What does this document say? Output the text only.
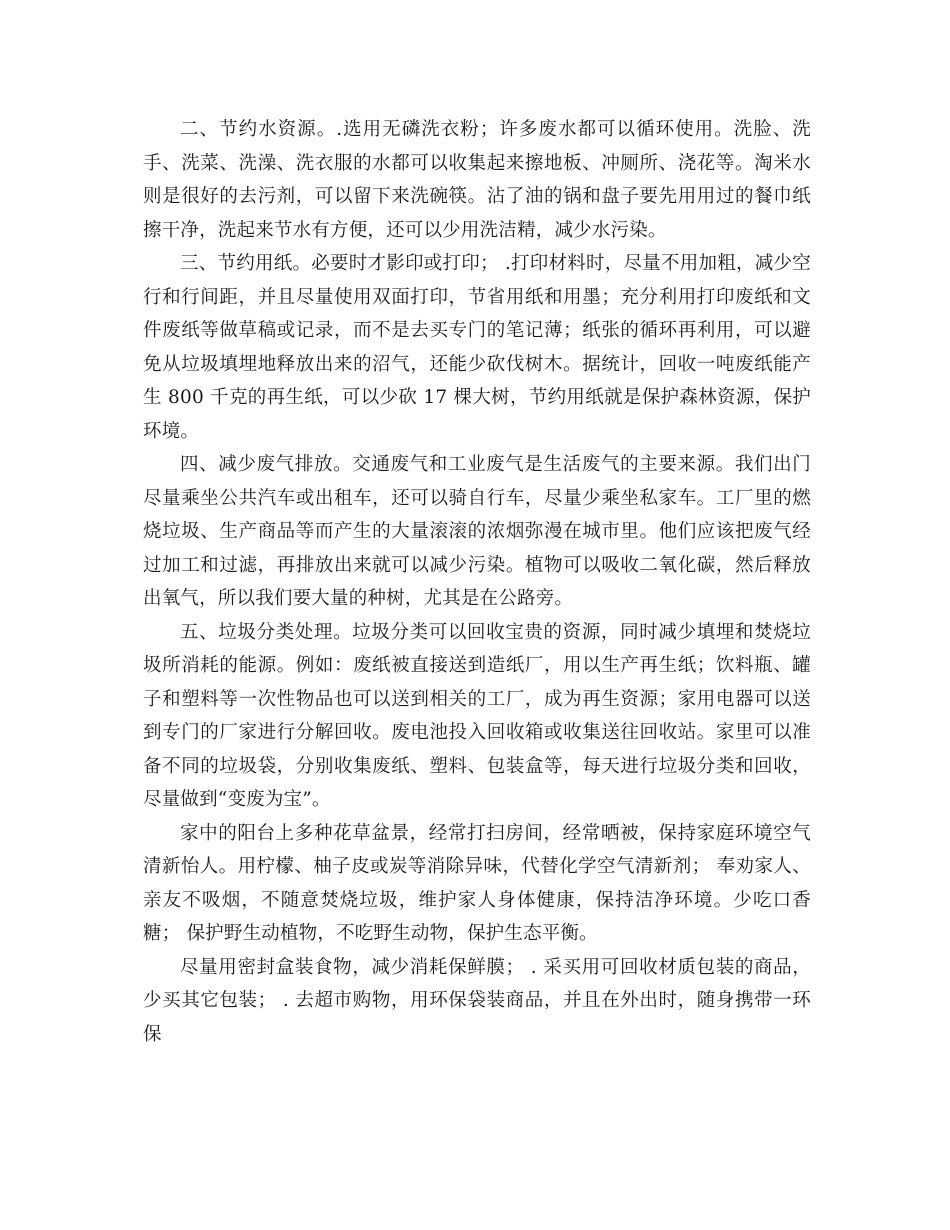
二、节约水资源。.选用无磷洗衣粉；许多废水都可以循环使用。洗脸、洗手、洗菜、洗澡、洗衣服的水都可以收集起来擦地板、冲厕所、浇花等。淘米水则是很好的去污剂，可以留下来洗碗筷。沾了油的锅和盘子要先用用过的餐巾纸擦干净，洗起来节水有方便，还可以少用洗洁精，减少水污染。

三、节约用纸。必要时才影印或打印； .打印材料时，尽量不用加粗，减少空行和行间距，并且尽量使用双面打印，节省用纸和用墨；充分利用打印废纸和文件废纸等做草稿或记录，而不是去买专门的笔记薄；纸张的循环再利用，可以避免从垃圾填埋地释放出来的沼气，还能少砍伐树木。据统计，回收一吨废纸能产生 800 千克的再生纸，可以少砍 17 棵大树，节约用纸就是保护森林资源，保护环境。

四、减少废气排放。交通废气和工业废气是生活废气的主要来源。我们出门尽量乘坐公共汽车或出租车，还可以骑自行车，尽量少乘坐私家车。工厂里的燃烧垃圾、生产商品等而产生的大量滚滚的浓烟弥漫在城市里。他们应该把废气经过加工和过滤，再排放出来就可以减少污染。植物可以吸收二氧化碳，然后释放出氧气，所以我们要大量的种树，尤其是在公路旁。

五、垃圾分类处理。垃圾分类可以回收宝贵的资源，同时减少填埋和焚烧垃圾所消耗的能源。例如：废纸被直接送到造纸厂，用以生产再生纸；饮料瓶、罐子和塑料等一次性物品也可以送到相关的工厂，成为再生资源；家用电器可以送到专门的厂家进行分解回收。废电池投入回收箱或收集送往回收站。家里可以准备不同的垃圾袋，分别收集废纸、塑料、包装盒等，每天进行垃圾分类和回收，尽量做到“变废为宝”。

家中的阳台上多种花草盆景，经常打扫房间，经常晒被，保持家庭环境空气清新怡人。用柠檬、柚子皮或炭等消除异味，代替化学空气清新剂； 奉劝家人、亲友不吸烟，不随意焚烧垃圾，维护家人身体健康，保持洁净环境。少吃口香糖； 保护野生动植物，不吃野生动物，保护生态平衡。

尽量用密封盒装食物，减少消耗保鲜膜； . 采买用可回收材质包装的商品，少买其它包装； . 去超市购物，用环保袋装商品，并且在外出时，随身携带一环保
